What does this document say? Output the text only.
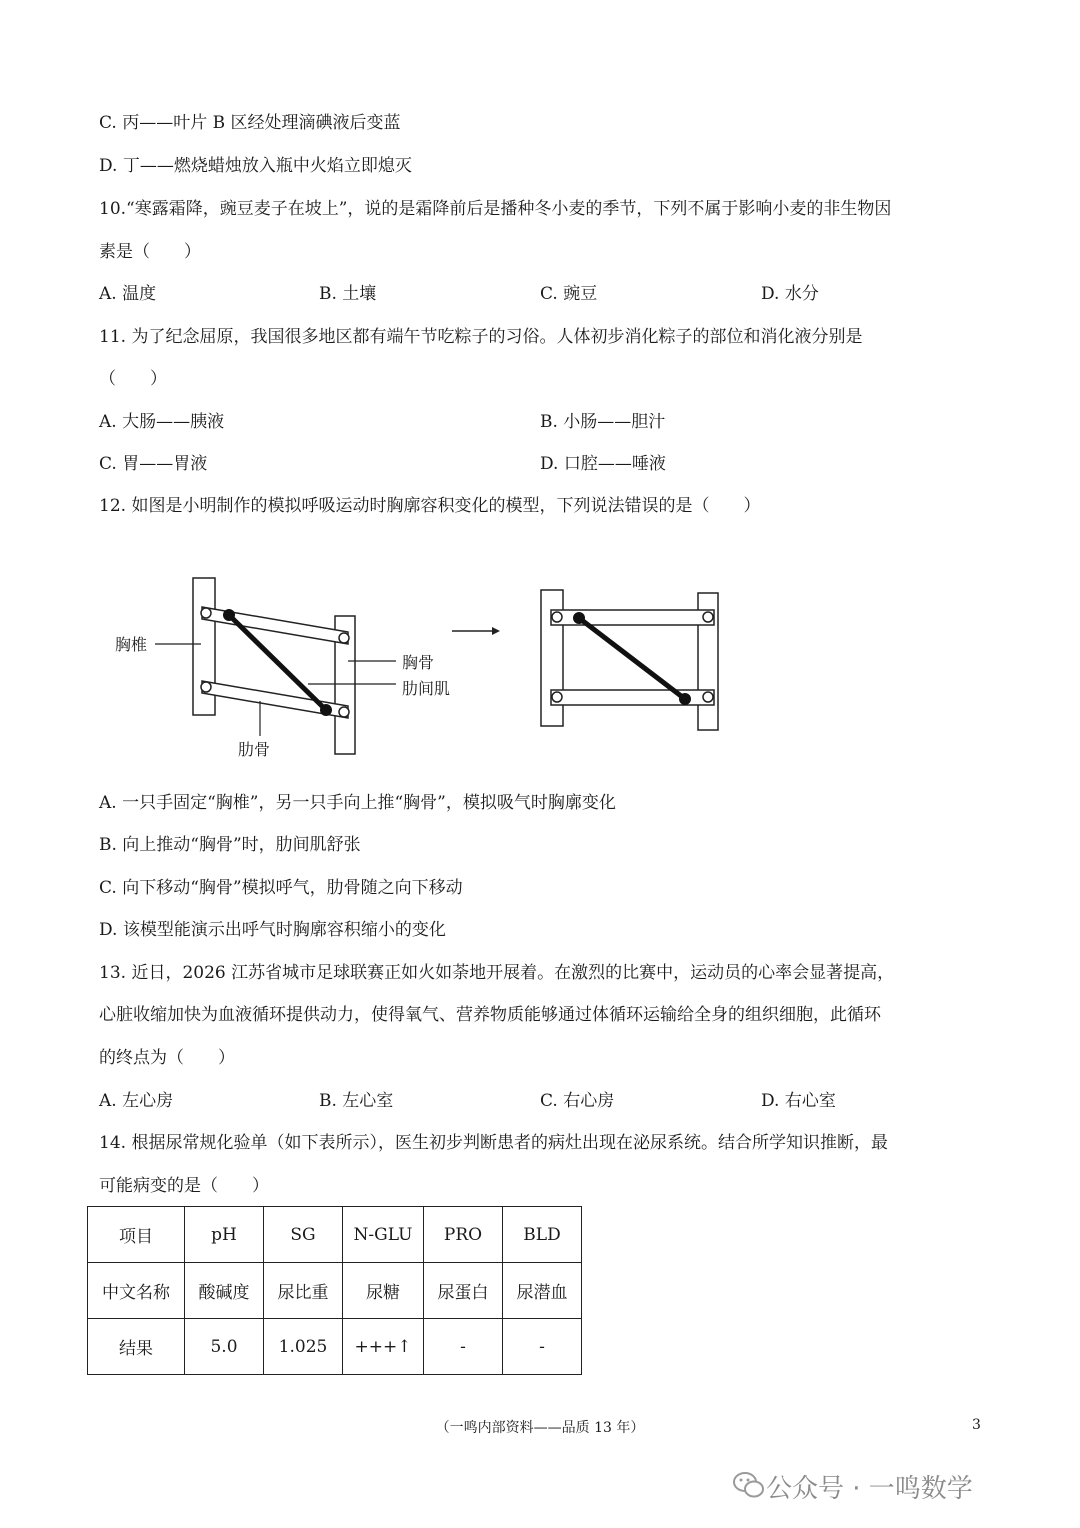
C. 丙——叶片 B 区经处理滴碘液后变蓝
D. 丁——燃烧蜡烛放入瓶中火焰立即熄灭
10.“寒露霜降，豌豆麦子在坡上”，说的是霜降前后是播种冬小麦的季节，下列不属于影响小麦的非生物因
素是（　　）
A. 温度	B. 土壤	C. 豌豆	D. 水分
11. 为了纪念屈原，我国很多地区都有端午节吃粽子的习俗。人体初步消化粽子的部位和消化液分别是
（　　）
A. 大肠——胰液	B. 小肠——胆汁
C. 胃——胃液	D. 口腔——唾液
12. 如图是小明制作的模拟呼吸运动时胸廓容积变化的模型，下列说法错误的是（　　）
胸椎
胸骨
肋间肌
肋骨
A. 一只手固定“胸椎”，另一只手向上推“胸骨”，模拟吸气时胸廓变化
B. 向上推动“胸骨”时，肋间肌舒张
C. 向下移动“胸骨”模拟呼气，肋骨随之向下移动
D. 该模型能演示出呼气时胸廓容积缩小的变化
13. 近日，2026 江苏省城市足球联赛正如火如荼地开展着。在激烈的比赛中，运动员的心率会显著提高，
心脏收缩加快为血液循环提供动力，使得氧气、营养物质能够通过体循环运输给全身的组织细胞，此循环
的终点为（　　）
A. 左心房	B. 左心室	C. 右心房	D. 右心室
14. 根据尿常规化验单（如下表所示），医生初步判断患者的病灶出现在泌尿系统。结合所学知识推断，最
可能病变的是（　　）
项目	pH	SG	N-GLU	PRO	BLD
中文名称	酸碱度	尿比重	尿糖	尿蛋白	尿潜血
结果	5.0	1.025	+++↑	-	-
（一鸣内部资料——品质 13 年）	3
公众号 · 一鸣数学
